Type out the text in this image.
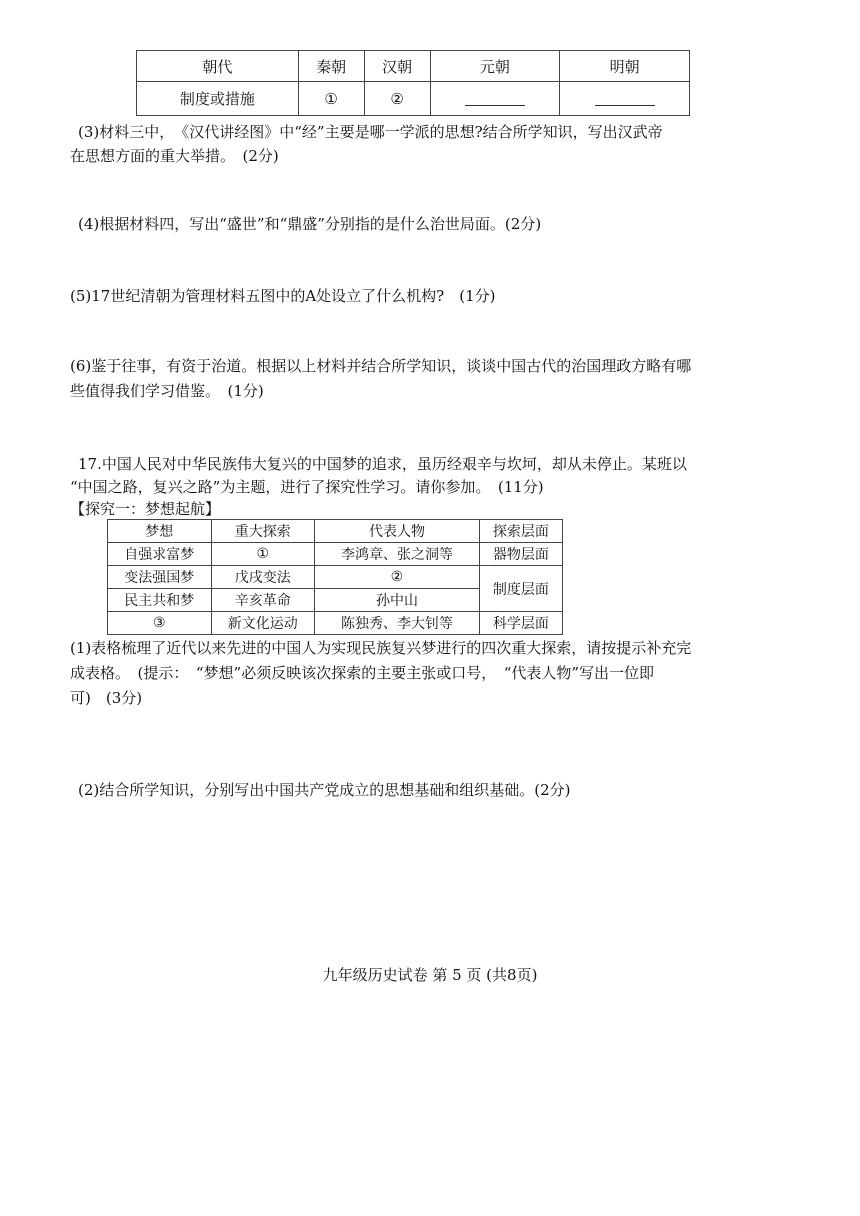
朝代	秦朝	汉朝	元朝	明朝
制度或措施	①	②		

(3)材料三中，　《汉代讲经图》中“经”主要是哪一学派的思想?结合所学知识，写出汉武帝

在思想方面的重大举措。　(2分)

(4)根据材料四，写出“盛世”和“鼎盛”分别指的是什么治世局面。(2分)

(5)17世纪清朝为管理材料五图中的A处设立了什么机构?　(1分)

(6)鉴于往事，有资于治道。根据以上材料并结合所学知识，谈谈中国古代的治国理政方略有哪

些值得我们学习借鉴。　(1分)

17.中国人民对中华民族伟大复兴的中国梦的追求，虽历经艰辛与坎坷，却从未停止。某班以

“中国之路，复兴之路”为主题，进行了探究性学习。请你参加。　(11分)

【探究一：梦想起航】

梦想	重大探索	代表人物	探索层面
自强求富梦	①	李鸿章、张之洞等	器物层面
变法强国梦	戊戌变法	②	制度层面
民主共和梦	辛亥革命	孙中山	
③	新文化运动	陈独秀、李大钊等	科学层面

(1)表格梳理了近代以来先进的中国人为实现民族复兴梦进行的四次重大探索，请按提示补充完

成表格。　(提示：　“梦想”必须反映该次探索的主要主张或口号，　“代表人物”写出一位即

可)　(3分)

(2)结合所学知识，分别写出中国共产党成立的思想基础和组织基础。(2分)

九年级历史试卷 第 5 页 (共8页)
